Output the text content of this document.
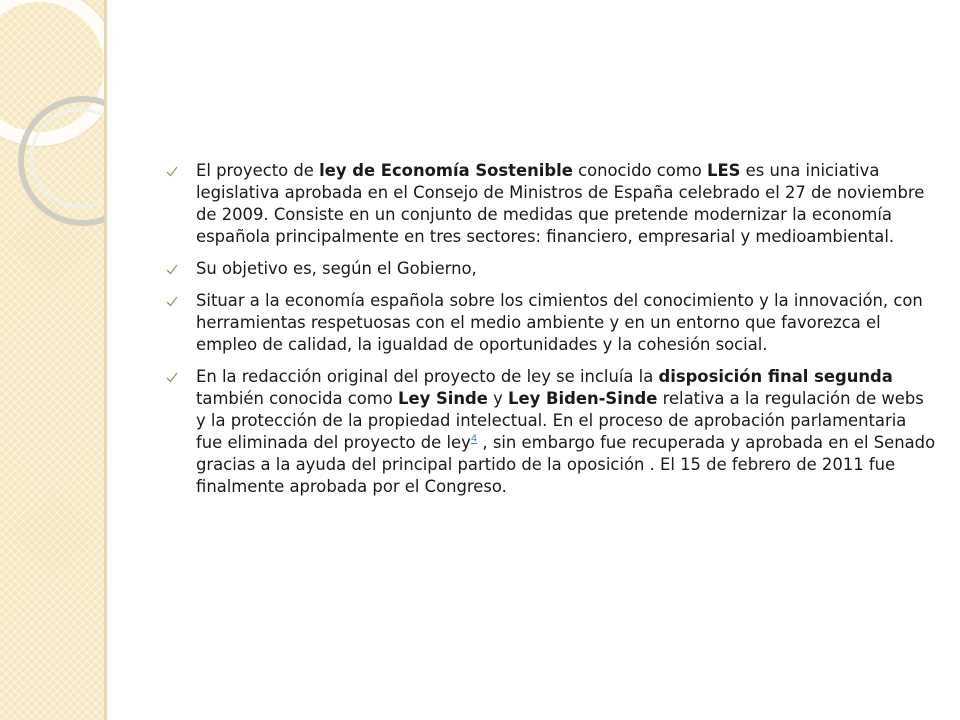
El proyecto de ley de Economía Sostenible conocido como LES es una iniciativa legislativa aprobada en el Consejo de Ministros de España celebrado el 27 de noviembre de 2009. Consiste en un conjunto de medidas que pretende modernizar la economía española principalmente en tres sectores: financiero, empresarial y medioambiental.
Su objetivo es, según el Gobierno,
Situar a la economía española sobre los cimientos del conocimiento y la innovación, con herramientas respetuosas con el medio ambiente y en un entorno que favorezca el empleo de calidad, la igualdad de oportunidades y la cohesión social.
En la redacción original del proyecto de ley se incluía la disposición final segunda también conocida como Ley Sinde y Ley Biden-Sinde relativa a la regulación de webs y la protección de la propiedad intelectual. En el proceso de aprobación parlamentaria fue eliminada del proyecto de ley$^4$ , sin embargo fue recuperada y aprobada en el Senado gracias a la ayuda del principal partido de la oposición . El 15 de febrero de 2011 fue finalmente aprobada por el Congreso.
